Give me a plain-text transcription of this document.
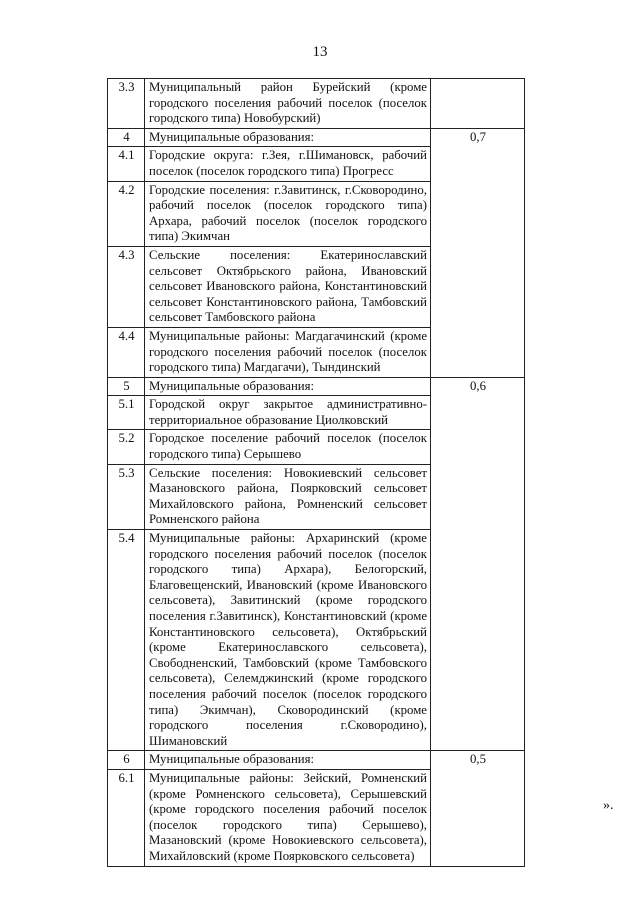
13
3.3	Муниципальный район Бурейский (кроме городского поселения рабочий поселок (поселок городского типа) Новобурский)	
4	Муниципальные образования:	0,7
4.1	Городские округа: г.Зея, г.Шимановск, рабочий поселок (поселок городского типа) Прогресс	
4.2	Городские поселения: г.Завитинск, г.Сковородино, рабочий поселок (поселок городского типа) Архара, рабочий поселок (поселок городского типа) Экимчан	
4.3	Сельские поселения: Екатеринославский сельсовет Октябрьского района, Ивановский сельсовет Ивановского района, Константиновский сельсовет Константиновского района, Тамбовский сельсовет Тамбовского района	
4.4	Муниципальные районы: Магдагачинский (кроме городского поселения рабочий поселок (поселок городского типа) Магдагачи), Тындинский	
5	Муниципальные образования:	0,6
5.1	Городской округ закрытое административно-территориальное образование Циолковский	
5.2	Городское поселение рабочий поселок (поселок городского типа) Серышево	
5.3	Сельские поселения: Новокиевский сельсовет Мазановского района, Поярковский сельсовет Михайловского района, Ромненский сельсовет Ромненского района	
5.4	Муниципальные районы: Архаринский (кроме городского поселения рабочий поселок (поселок городского типа) Архара), Белогорский, Благовещенский, Ивановский (кроме Ивановского сельсовета), Завитинский (кроме городского поселения г.Завитинск), Константиновский (кроме Константиновского сельсовета), Октябрьский (кроме Екатеринославского сельсовета), Свободненский, Тамбовский (кроме Тамбовского сельсовета), Селемджинский (кроме городского поселения рабочий поселок (поселок городского типа) Экимчан), Сковородинский (кроме городского поселения г.Сковородино), Шимановский	
6	Муниципальные образования:	0,5
6.1	Муниципальные районы: Зейский, Ромненский (кроме Ромненского сельсовета), Серышевский (кроме городского поселения рабочий поселок (поселок городского типа) Серышево), Мазановский (кроме Новокиевского сельсовета), Михайловский (кроме Поярковского сельсовета)	
».
